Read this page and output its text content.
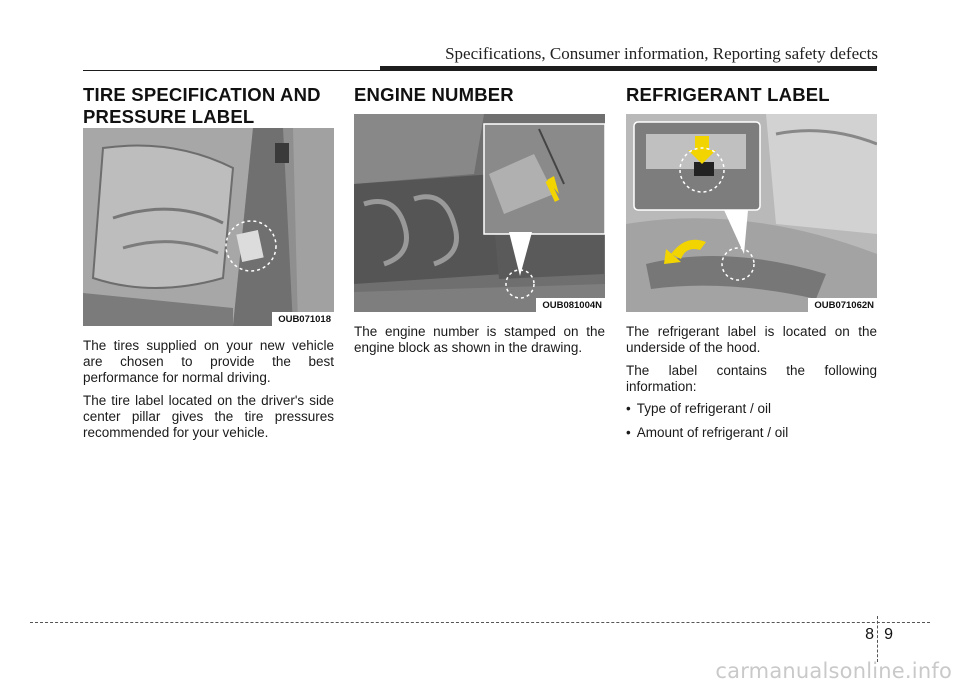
Specifications, Consumer information, Reporting safety defects
TIRE SPECIFICATION AND PRESSURE LABEL
OUB071018

The tires supplied on your new vehicle are chosen to provide the best performance for normal driving.

The tire label located on the driver's side center pillar gives the tire pressures recommended for your vehicle.

ENGINE NUMBER
OUB081004N

The engine number is stamped on the engine block as shown in the drawing.

REFRIGERANT LABEL
OUB071062N

The refrigerant label is located on the underside of the hood.

The label contains the following information:

• Type of refrigerant / oil
• Amount of refrigerant / oil
8 9
carmanualsonline.info
